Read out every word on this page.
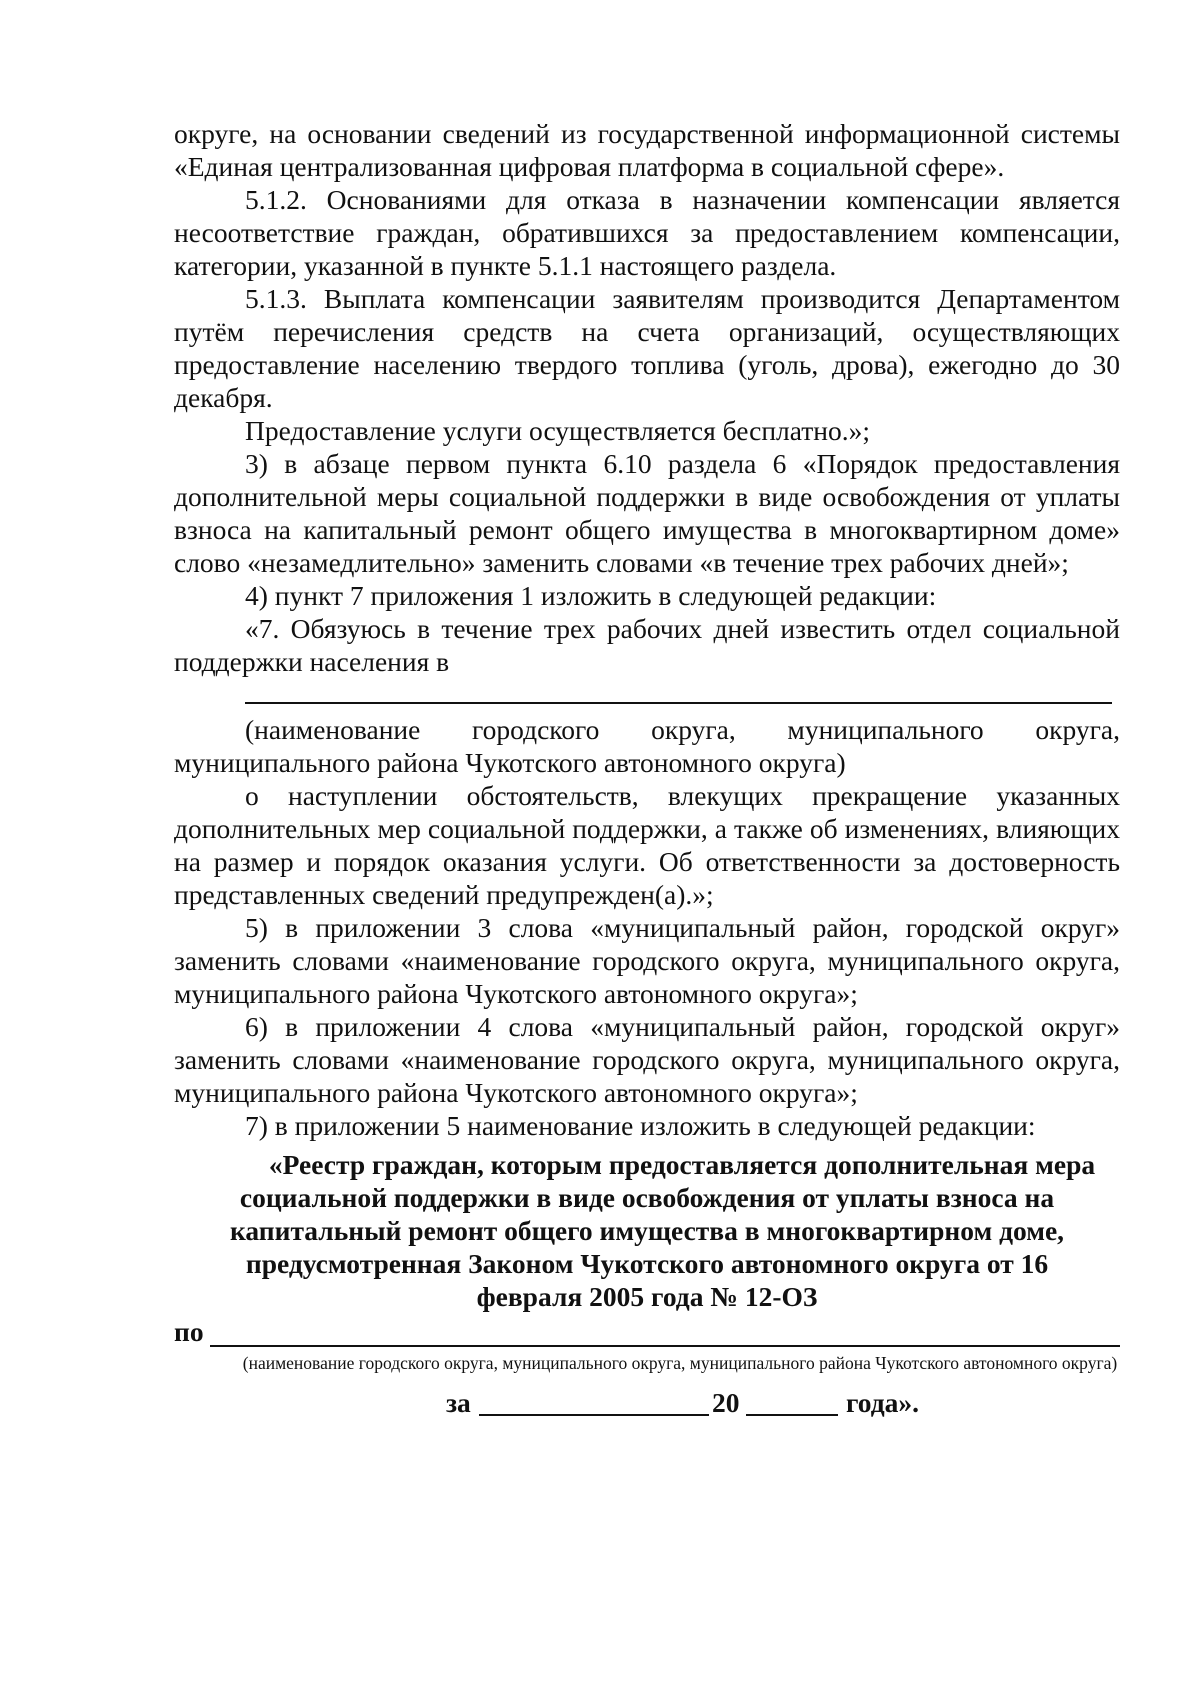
округе, на основании сведений из государственной информационной системы «Единая централизованная цифровая платформа в социальной сфере».

5.1.2. Основаниями для отказа в назначении компенсации является несоответствие граждан, обратившихся за предоставлением компенсации, категории, указанной в пункте 5.1.1 настоящего раздела.

5.1.3. Выплата компенсации заявителям производится Департаментом путём перечисления средств на счета организаций, осуществляющих предоставление населению твердого топлива (уголь, дрова), ежегодно до 30 декабря.

Предоставление услуги осуществляется бесплатно.»;

3) в абзаце первом пункта 6.10 раздела 6 «Порядок предоставления дополнительной меры социальной поддержки в виде освобождения от уплаты взноса на капитальный ремонт общего имущества в многоквартирном доме» слово «незамедлительно» заменить словами «в течение трех рабочих дней»;

4) пункт 7 приложения 1 изложить в следующей редакции:

«7. Обязуюсь в течение трех рабочих дней известить отдел социальной поддержки населения в

(наименование городского округа, муниципального округа, муниципального района Чукотского автономного округа)

о наступлении обстоятельств, влекущих прекращение указанных дополнительных мер социальной поддержки, а также об изменениях, влияющих на размер и порядок оказания услуги. Об ответственности за достоверность представленных сведений предупрежден(а).»;

5) в приложении 3 слова «муниципальный район, городской округ» заменить словами «наименование городского округа, муниципального округа, муниципального района Чукотского автономного округа»;

6) в приложении 4 слова «муниципальный район, городской округ» заменить словами «наименование городского округа, муниципального округа, муниципального района Чукотского автономного округа»;

7) в приложении 5 наименование изложить в следующей редакции:

«Реестр граждан, которым предоставляется дополнительная мера
социальной поддержки в виде освобождения от уплаты взноса на
капитальный ремонт общего имущества в многоквартирном доме,
предусмотренная Законом Чукотского автономного округа от 16
февраля 2005 года № 12-ОЗ
по
(наименование городского округа, муниципального округа, муниципального района Чукотского автономного округа)
за	20	года».
